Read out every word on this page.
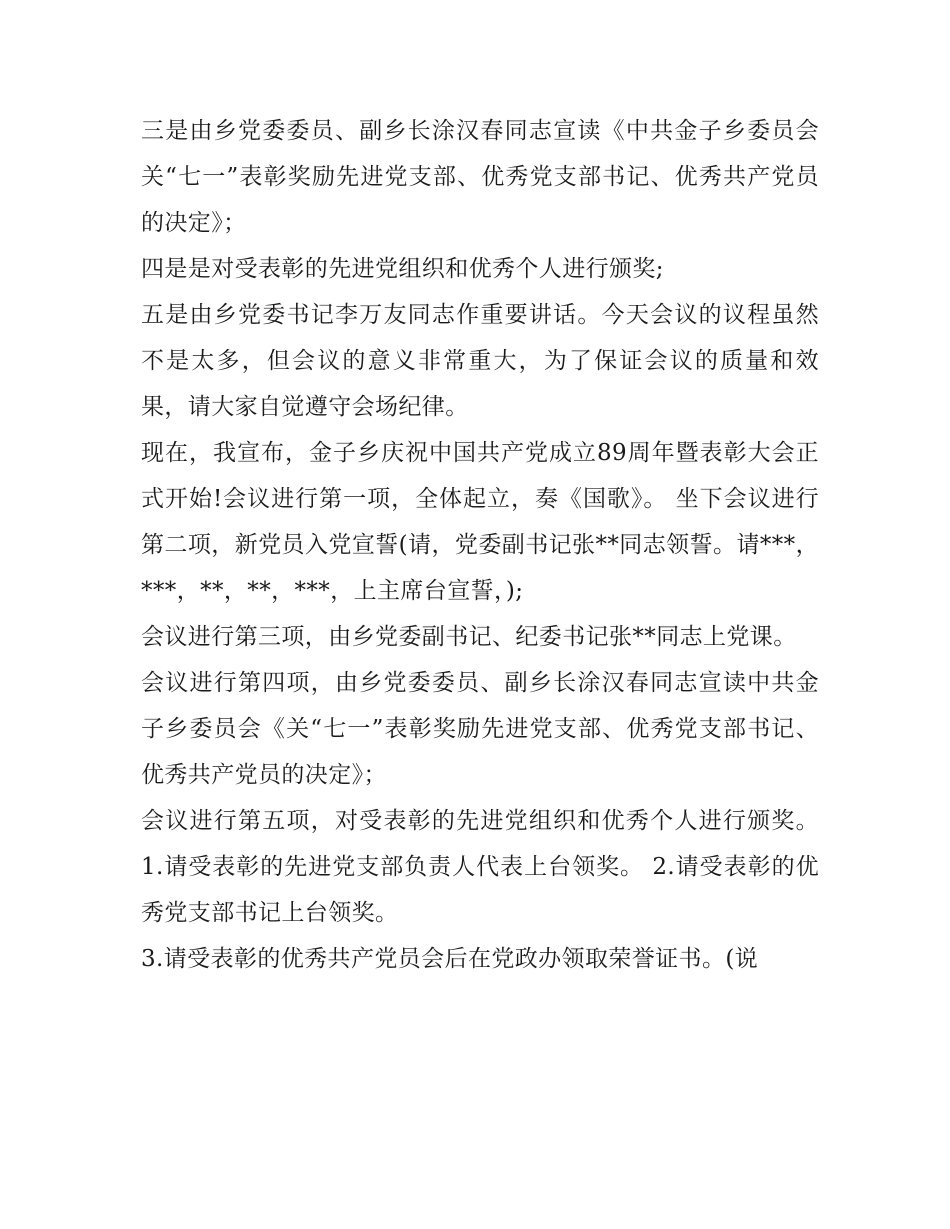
三是由乡党委委员、副乡长涂汉春同志宣读《中共金子乡委员会关“七一”表彰奖励先进党支部、优秀党支部书记、优秀共产党员的决定》；

四是是对受表彰的先进党组织和优秀个人进行颁奖;

五是由乡党委书记李万友同志作重要讲话。今天会议的议程虽然不是太多，但会议的意义非常重大，为了保证会议的质量和效果，请大家自觉遵守会场纪律。

现在，我宣布，金子乡庆祝中国共产党成立89周年暨表彰大会正式开始!会议进行第一项，全体起立，奏《国歌》。 坐下会议进行第二项，新党员入党宣誓(请，党委副书记张**同志领誓。请***，***，**，**，***，上主席台宣誓，);

会议进行第三项，由乡党委副书记、纪委书记张**同志上党课。

会议进行第四项，由乡党委委员、副乡长涂汉春同志宣读中共金子乡委员会《关“七一”表彰奖励先进党支部、优秀党支部书记、优秀共产党员的决定》；

会议进行第五项，对受表彰的先进党组织和优秀个人进行颁奖。 1.请受表彰的先进党支部负责人代表上台领奖。 2.请受表彰的优秀党支部书记上台领奖。

3.请受表彰的优秀共产党员会后在党政办领取荣誉证书。(说
